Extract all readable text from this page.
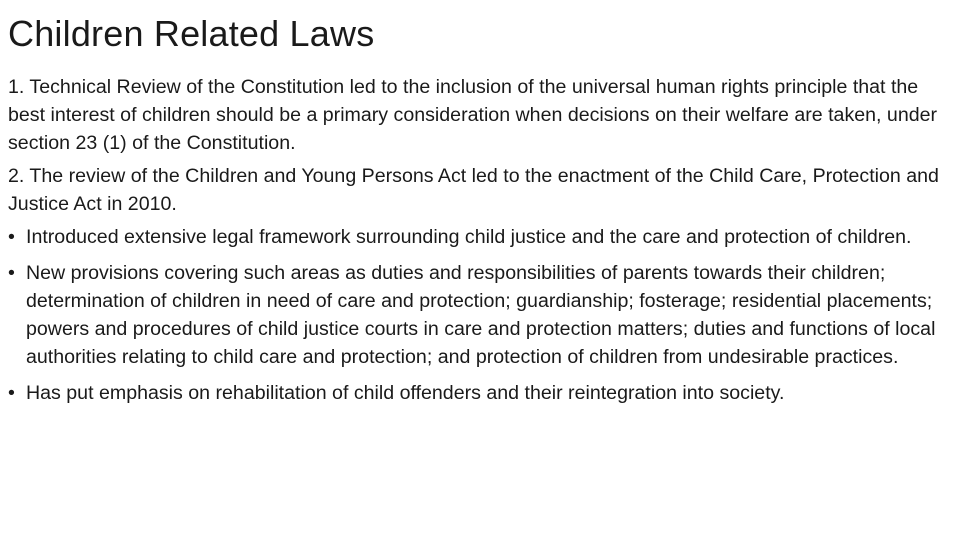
Children Related Laws

1. Technical Review of the Constitution led to the inclusion of the universal human rights principle that the best interest of children should be a primary consideration when decisions on their welfare are taken, under section 23 (1) of the Constitution.

2. The review of the Children and Young Persons Act led to the enactment of the Child Care, Protection and Justice Act in 2010.

• Introduced extensive legal framework surrounding child justice and the care and protection of children.
• New provisions covering such areas as duties and responsibilities of parents towards their children; determination of children in need of care and protection; guardianship; fosterage; residential placements; powers and procedures of child justice courts in care and protection matters; duties and functions of local authorities relating to child care and protection; and protection of children from undesirable practices.
• Has put emphasis on rehabilitation of child offenders and their reintegration into society.
